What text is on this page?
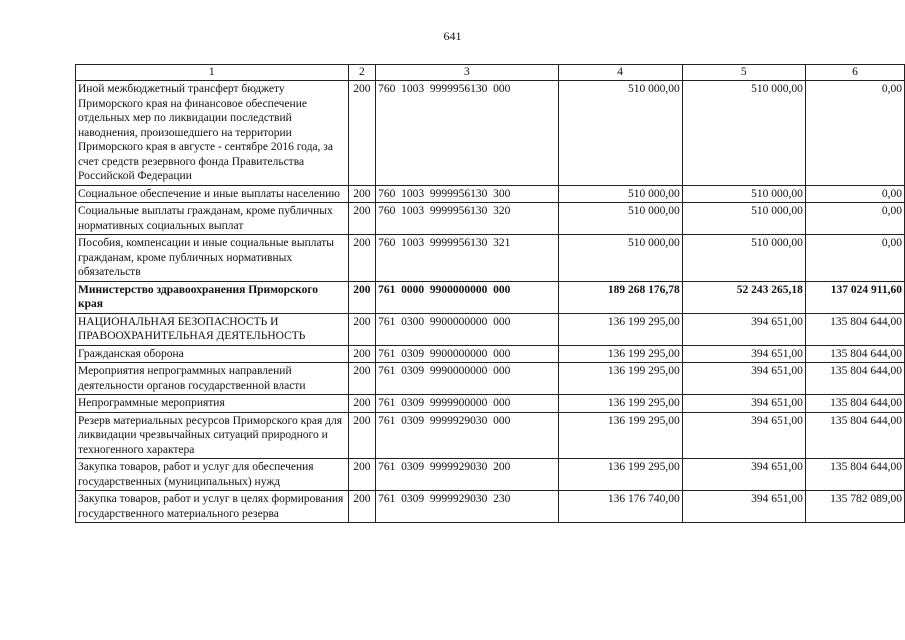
641
1	2	3	4	5	6
Иной межбюджетный трансферт бюджету Приморского края на финансовое обеспечение отдельных мер по ликвидации последствий наводнения, произошедшего на территории Приморского края в августе - сентябре 2016 года, за счет средств резервного фонда Правительства Российской Федерации	200	760  1003  9999956130  000	510 000,00	510 000,00	0,00
Социальное обеспечение и иные выплаты населению	200	760  1003  9999956130  300	510 000,00	510 000,00	0,00
Социальные выплаты гражданам, кроме публичных нормативных социальных выплат	200	760  1003  9999956130  320	510 000,00	510 000,00	0,00
Пособия, компенсации и иные социальные выплаты гражданам, кроме публичных нормативных обязательств	200	760  1003  9999956130  321	510 000,00	510 000,00	0,00
Министерство здравоохранения Приморского края	200	761  0000  9900000000  000	189 268 176,78	52 243 265,18	137 024 911,60
НАЦИОНАЛЬНАЯ БЕЗОПАСНОСТЬ И ПРАВООХРАНИТЕЛЬНАЯ ДЕЯТЕЛЬНОСТЬ	200	761  0300  9900000000  000	136 199 295,00	394 651,00	135 804 644,00
Гражданская оборона	200	761  0309  9900000000  000	136 199 295,00	394 651,00	135 804 644,00
Мероприятия непрограммных направлений деятельности органов государственной власти	200	761  0309  9990000000  000	136 199 295,00	394 651,00	135 804 644,00
Непрограммные мероприятия	200	761  0309  9999900000  000	136 199 295,00	394 651,00	135 804 644,00
Резерв материальных ресурсов Приморского края для ликвидации чрезвычайных ситуаций природного и техногенного характера	200	761  0309  9999929030  000	136 199 295,00	394 651,00	135 804 644,00
Закупка товаров, работ и услуг для обеспечения государственных (муниципальных) нужд	200	761  0309  9999929030  200	136 199 295,00	394 651,00	135 804 644,00
Закупка товаров, работ и услуг в целях формирования государственного материального резерва	200	761  0309  9999929030  230	136 176 740,00	394 651,00	135 782 089,00
